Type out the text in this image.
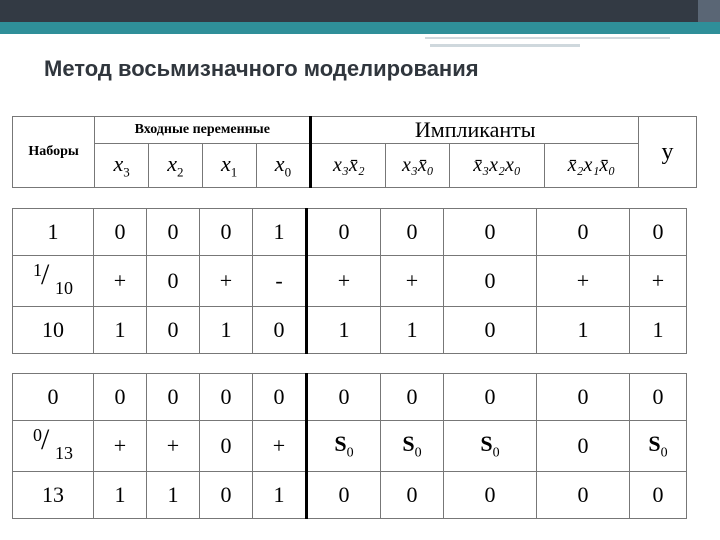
Метод восьмизначного моделирования
Наборы	Входные переменные				Импликанты				y
	$x_3$	$x_2$	$x_1$	$x_0$	x₃x̄₂	x₃x̄₀	x̄₃x₂x₀	x̄₂x₁x̄₀	
1	0	0	0	1	0	0	0	0	0

1 / 10	+	0	+	-	+	+	0	+	+
10	1	0	1	0	1	1	0	1	1
0	0	0	0	0	0	0	0	0	0

0 / 13	+	+	0	+	$S_0$	$S_0$	$S_0$	0	$S_0$
13	1	1	0	1	0	0	0	0	0
